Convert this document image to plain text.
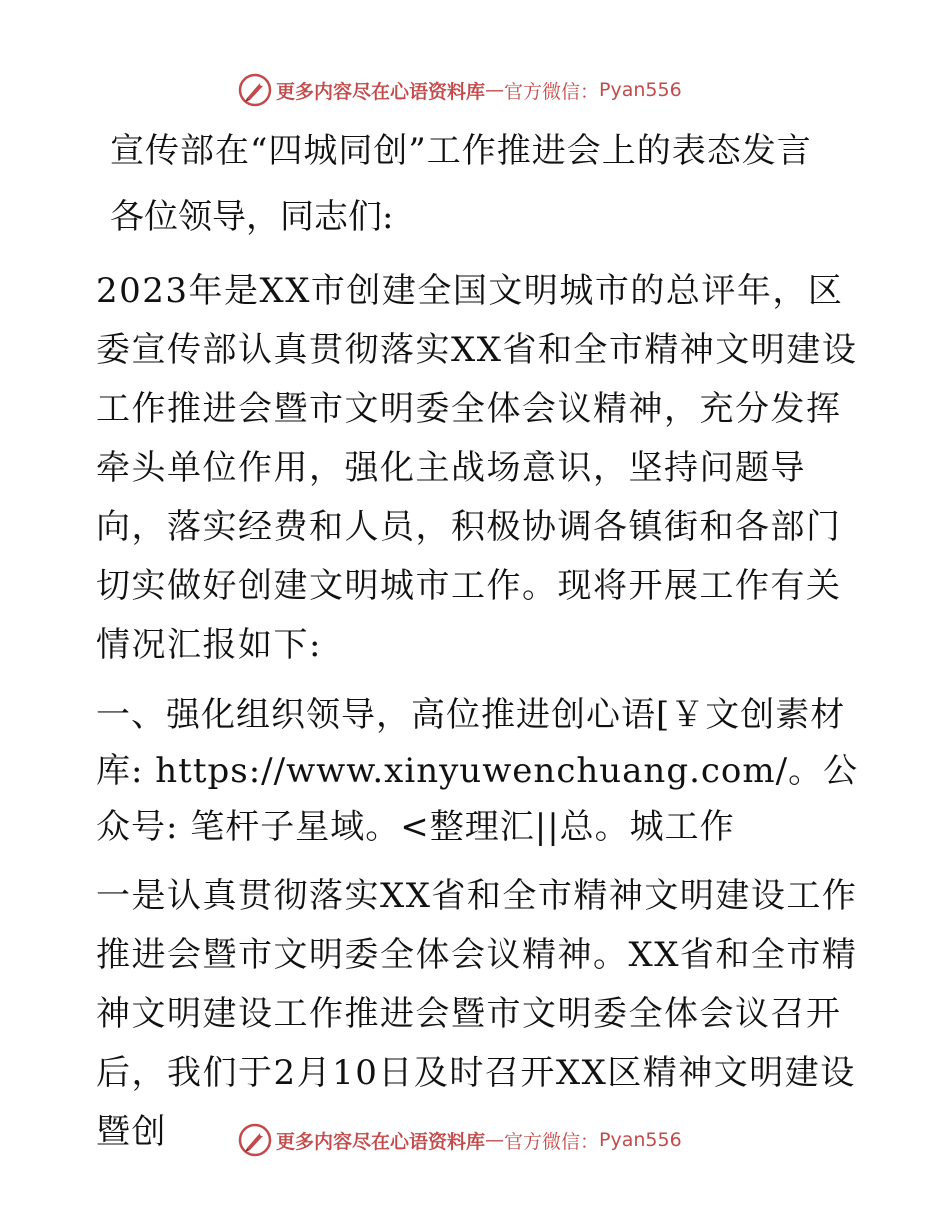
更多内容尽在心语资料库 — 官方微信： Pyan556
宣传部在“四城同创”工作推进会上的表态发言
各位领导，同志们:

2023年是XX市创建全国文明城市的总评年，区委宣传部认真贯彻落实XX省和全市精神文明建设工作推进会暨市文明委全体会议精神，充分发挥牵头单位作用，强化主战场意识，坚持问题导向，落实经费和人员，积极协调各镇街和各部门切实做好创建文明城市工作。现将开展工作有关情况汇报如下:

一、强化组织领导，高位推进创心语[￥文创素材库: https://www.xinyuwenchuang.com/。公众号: 笔杆子星域。<整理汇||总。城工作

一是认真贯彻落实XX省和全市精神文明建设工作推进会暨市文明委全体会议精神。XX省和全市精神文明建设工作推进会暨市文明委全体会议召开后，我们于2月10日及时召开XX区精神文明建设暨创	更多内容尽在心语资料库 — 官方微信： Pyan556
